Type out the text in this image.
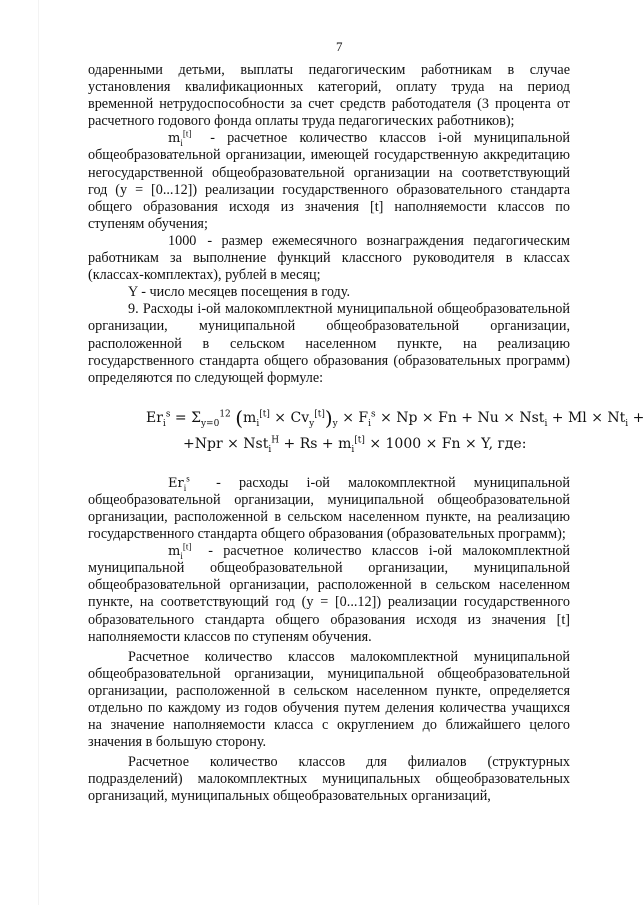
7

одаренными детьми, выплаты педагогическим работникам в случае установления квалификационных категорий, оплату труда на период временной нетрудоспособности за счет средств работодателя (3 процента от расчетного годового фонда оплаты труда педагогических работников);

$m_i[t]$ - расчетное количество классов i-ой муниципальной общеобразовательной организации, имеющей государственную аккредитацию негосударственной общеобразовательной организации на соответствующий год (y = [0...12]) реализации государственного образовательного стандарта общего образования исходя из значения [t] наполняемости классов по ступеням обучения;

1000 - размер ежемесячного вознаграждения педагогическим работникам за выполнение функций классного руководителя в классах (классах-комплектах), рублей в месяц;

Y - число месяцев посещения в году.

9. Расходы i-ой малокомплектной муниципальной общеобразовательной организации, муниципальной общеобразовательной организации, расположенной в сельском населенном пункте, на реализацию государственного стандарта общего образования (образовательных программ) определяются по следующей формуле:

$Er_i^s = \Sigma_{y=0}^{12}$ $(m_i[t] \times Cv_y[t])_y \times F_i^s \times Np \times Fn + Nu \times Nst_i + Ml \times Nt_i$ +
$+Npr \times Nst_i^H + Rs + m_i[t] \times 1000 \times Fn \times Y$, где:

$Er_i^s$ - расходы i-ой малокомплектной муниципальной общеобразовательной организации, муниципальной общеобразовательной организации, расположенной в сельском населенном пункте, на реализацию государственного стандарта общего образования (образовательных программ);

$m_i[t]$ - расчетное количество классов i-ой малокомплектной муниципальной общеобразовательной организации, муниципальной общеобразовательной организации, расположенной в сельском населенном пункте, на соответствующий год (y = [0...12]) реализации государственного образовательного стандарта общего образования исходя из значения [t] наполняемости классов по ступеням обучения.

Расчетное количество классов малокомплектной муниципальной общеобразовательной организации, муниципальной общеобразовательной организации, расположенной в сельском населенном пункте, определяется отдельно по каждому из годов обучения путем деления количества учащихся на значение наполняемости класса с округлением до ближайшего целого значения в большую сторону.

Расчетное количество классов для филиалов (структурных подразделений) малокомплектных муниципальных общеобразовательных организаций, муниципальных общеобразовательных организаций,
